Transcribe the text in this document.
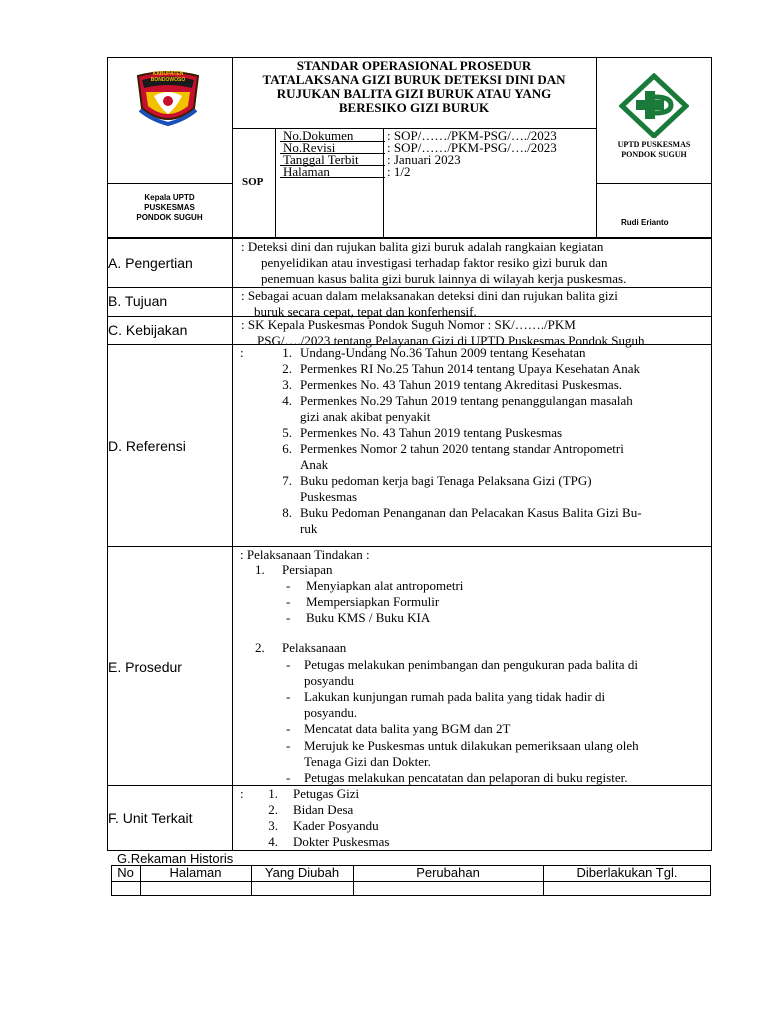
KABUPATEN BONDOWOSO
STANDAR OPERASIONAL PROSEDUR
TATALAKSANA GIZI BURUK DETEKSI DINI DAN
RUJUKAN BALITA GIZI BURUK ATAU YANG
BERESIKO GIZI BURUK
UPTD PUSKESMAS
PONDOK SUGUH
SOP
No.Dokumen	: SOP/……/PKM-PSG/…./2023
No.Revisi	: SOP/……/PKM-PSG/…./2023
Tanggal Terbit : Januari 2023
Halaman	: 1/2
Kepala UPTD
PUSKESMAS
PONDOK SUGUH
Rudi Erianto
A. Pengertian
: Deteksi dini dan rujukan balita gizi buruk adalah rangkaian kegiatan
penyelidikan atau investigasi terhadap faktor resiko gizi buruk dan
penemuan kasus balita gizi buruk lainnya di wilayah kerja puskesmas.
B. Tujuan	: Sebagai acuan dalam melaksanakan deteksi dini dan rujukan balita gizi
buruk secara cepat, tepat dan konferhensif.
C. Kebijakan	: SK Kepala Puskesmas Pondok Suguh Nomor : SK/……./PKM
PSG/…./2023 tentang Pelayanan Gizi di UPTD Puskesmas Pondok Suguh
D. Referensi
:	1. Undang-Undang No.36 Tahun 2009 tentang Kesehatan
2. Permenkes RI No.25 Tahun 2014 tentang Upaya Kesehatan Anak
3. Permenkes No. 43 Tahun 2019 tentang Akreditasi Puskesmas.
4. Permenkes No.29 Tahun 2019 tentang penanggulangan masalah
gizi anak akibat penyakit
5. Permenkes No. 43 Tahun 2019 tentang Puskesmas
6. Permenkes Nomor 2 tahun 2020 tentang standar Antropometri
Anak
7. Buku pedoman kerja bagi Tenaga Pelaksana Gizi (TPG)
Puskesmas
8. Buku Pedoman Penanganan dan Pelacakan Kasus Balita Gizi Bu-
ruk
E. Prosedur
: Pelaksanaan Tindakan :
1. Persiapan
- Menyiapkan alat antropometri
- Mempersiapkan Formulir
- Buku KMS / Buku KIA
2. Pelaksanaan
- Petugas melakukan penimbangan dan pengukuran pada balita di
posyandu
- Lakukan kunjungan rumah pada balita yang tidak hadir di
posyandu.
- Mencatat data balita yang BGM dan 2T
- Merujuk ke Puskesmas untuk dilakukan pemeriksaan ulang oleh
Tenaga Gizi dan Dokter.
- Petugas melakukan pencatatan dan pelaporan di buku register.
F. Unit Terkait
:	1. Petugas Gizi
2. Bidan Desa
3. Kader Posyandu
4. Dokter Puskesmas
G.Rekaman Historis
No	Halaman	Yang Diubah	Perubahan	Diberlakukan Tgl.
